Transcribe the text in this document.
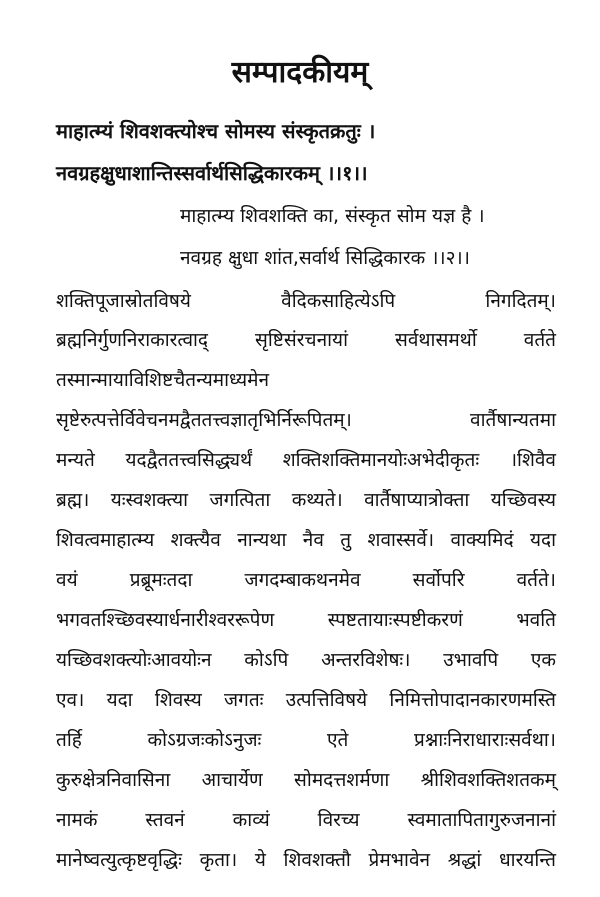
सम्पादकीयम्
माहात्म्यं शिवशक्त्योश्च सोमस्य संस्कृतक्रतुः ।
नवग्रहक्षुधाशान्तिस्सर्वार्थसिद्धिकारकम् ।।१।।
माहात्म्य शिवशक्ति का, संस्कृत सोम यज्ञ है ।
नवग्रह क्षुधा शांत,सर्वार्थ सिद्धिकारक ।।२।।
शक्तिपूजास्रोतविषये वैदिकसाहित्येऽपि निगदितम्।
ब्रह्मनिर्गुणनिराकारत्वाद् सृष्टिसंरचनायां सर्वथासमर्थो वर्तते
तस्मान्मायाविशिष्टचैतन्यमाध्यमेन
सृष्टेरुत्पत्तेर्विवेचनमद्वैततत्त्वज्ञातृभिर्निरूपितम्। वार्तैषान्यतमा
मन्यते यदद्वैततत्त्वसिद्ध्यर्थं शक्तिशक्तिमानयोःअभेदीकृतः ।शिवैव
ब्रह्म। यःस्वशक्त्या जगत्पिता कथ्यते। वार्तैषाप्यात्रोक्ता यच्छिवस्य
शिवत्वमाहात्म्य शक्त्यैव नान्यथा नैव तु शवास्सर्वे। वाक्यमिदं यदा
वयं प्रब्रूमःतदा जगदम्बाकथनमेव सर्वोपरि वर्तते।
भगवतश्च्छिवस्यार्धनारीश्वररूपेण स्पष्टतायाःस्पष्टीकरणं भवति
यच्छिवशक्त्योःआवयोःन कोऽपि अन्तरविशेषः। उभावपि एक
एव। यदा शिवस्य जगतः उत्पत्तिविषये निमित्तोपादानकारणमस्ति
तर्हि कोऽग्रजःकोऽनुजः एते प्रश्नाःनिराधाराःसर्वथा।
कुरुक्षेत्रनिवासिना आचार्येण सोमदत्तशर्मणा श्रीशिवशक्तिशतकम्
नामकं स्तवनं काव्यं विरच्य स्वमातापितागुरुजनानां
मानेष्वत्युत्कृष्टवृद्धिः कृता। ये शिवशक्तौ प्रेमभावेन श्रद्धां धारयन्ति
